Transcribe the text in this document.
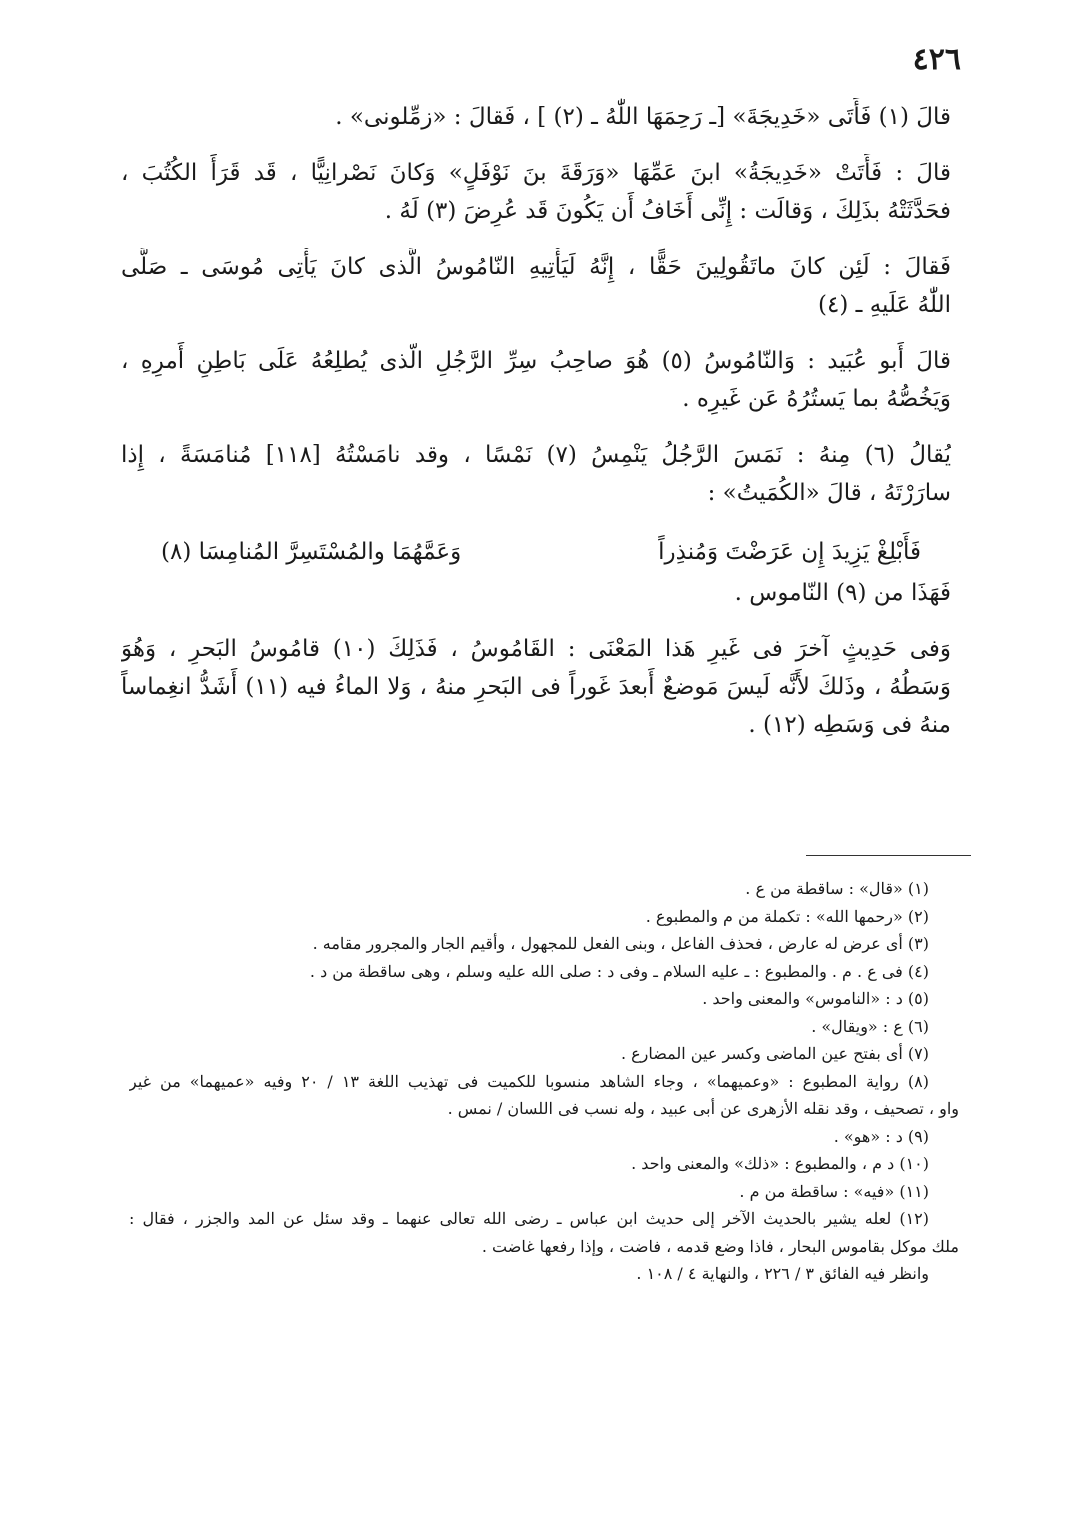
٤٢٦
قالَ (١) فَأَتَى «خَدِيجَةَ» [ـ رَحِمَهَا اللّٰهُ ـ (٢) ] ، فَقالَ : «زمِّلونى» .
قالَ : فَأَتَتْ «خَدِيجَةُ» ابنَ عَمِّهَا «وَرَقَةَ بنَ نَوْفَلٍ» وَكانَ نَصْرانِيًّا ، قَد قَرَأَ الكُتُبَ ،
فحَدَّثَتْهُ بذَلِكَ ، وَقالَت : إِنِّى أَخَافُ أَن يَكُونَ قَد عُرِضَ (٣) لَهُ .
فَقالَ : لَئِن كانَ ماتَقُولِينَ حَقًّا ، إِنَّهُ لَيَأْتِيهِ النّامُوسُ الَّذى كانَ يَأْتِى مُوسَى ـ صَلَّى
اللّٰهُ عَلَيهِ ـ (٤)
قالَ أَبو عُبَيد : وَالنّامُوسُ (٥) هُوَ صاحِبُ سِرِّ الرَّجُلِ الّذى يُطلِعُهُ عَلَى بَاطِنِ أَمرِهِ ،
وَيَخُصُّهُ بما يَستُرُهُ عَن غَيرِه .
يُقالُ (٦) مِنهُ : نَمَسَ الرَّجُلُ يَنْمِسُ (٧) نَمْسًا ، وقد نامَسْتُهُ [١١٨] مُنامَسَةً ، إِذا
سارَرْتَهُ ، قالَ «الكُمَيتُ» :
فَأَبْلِغْ يَزِيدَ إِن عَرَضْتَ وَمُنذِراً
وَعَمَّهُمَا والمُسْتَسِرَّ المُنامِسَا (٨)
فَهَذَا من (٩) النّاموس .
وَفى حَدِيثٍ آخرَ فى غَيرِ هَذا المَعْنَى : القَامُوسُ ، فَذَلِكَ (١٠) قامُوسُ البَحرِ ، وَهُوَ
وَسَطُهُ ، وذَلكَ لأَنَّه لَيسَ مَوضعٌ أَبعدَ غَوراً فى البَحرِ منهُ ، وَلا الماءُ فيه (١١) أَشَدُّ انغِماساً
منهُ فى وَسَطِه (١٢) .
(١) «قال» : ساقطة من ع .
(٢) «رحمها الله» : تكملة من م والمطبوع .
(٣) أى عرض له عارض ، فحذف الفاعل ، وبنى الفعل للمجهول ، وأقيم الجار والمجرور مقامه .
(٤) فى ع . م . والمطبوع : ـ عليه السلام ـ وفى د : صلى الله عليه وسلم ، وهى ساقطة من د .
(٥) د : «الناموس» والمعنى واحد .
(٦) ع : «ويقال» .
(٧) أى بفتح عين الماضى وكسر عين المضارع .
(٨) رواية المطبوع : «وعميهما» ، وجاء الشاهد منسوبا للكميت فى تهذيب اللغة ١٣ / ٢٠ وفيه «عميهما» من غير
واو ، تصحيف ، وقد نقله الأزهرى عن أبى عبيد ، وله نسب فى اللسان / نمس .
(٩) د : «هو» .
(١٠) د م ، والمطبوع : «ذلك» والمعنى واحد .
(١١) «فيه» : ساقطة من م .
(١٢) لعله يشير بالحديث الآخر إلى حديث ابن عباس ـ رضى الله تعالى عنهما ـ وقد سئل عن المد والجزر ، فقال :
ملك موكل بقاموس البحار ، فاذا وضع قدمه ، فاضت ، وإذا رفعها غاضت .
وانظر فيه الفائق ٣ / ٢٢٦ ، والنهاية ٤ / ١٠٨ .
